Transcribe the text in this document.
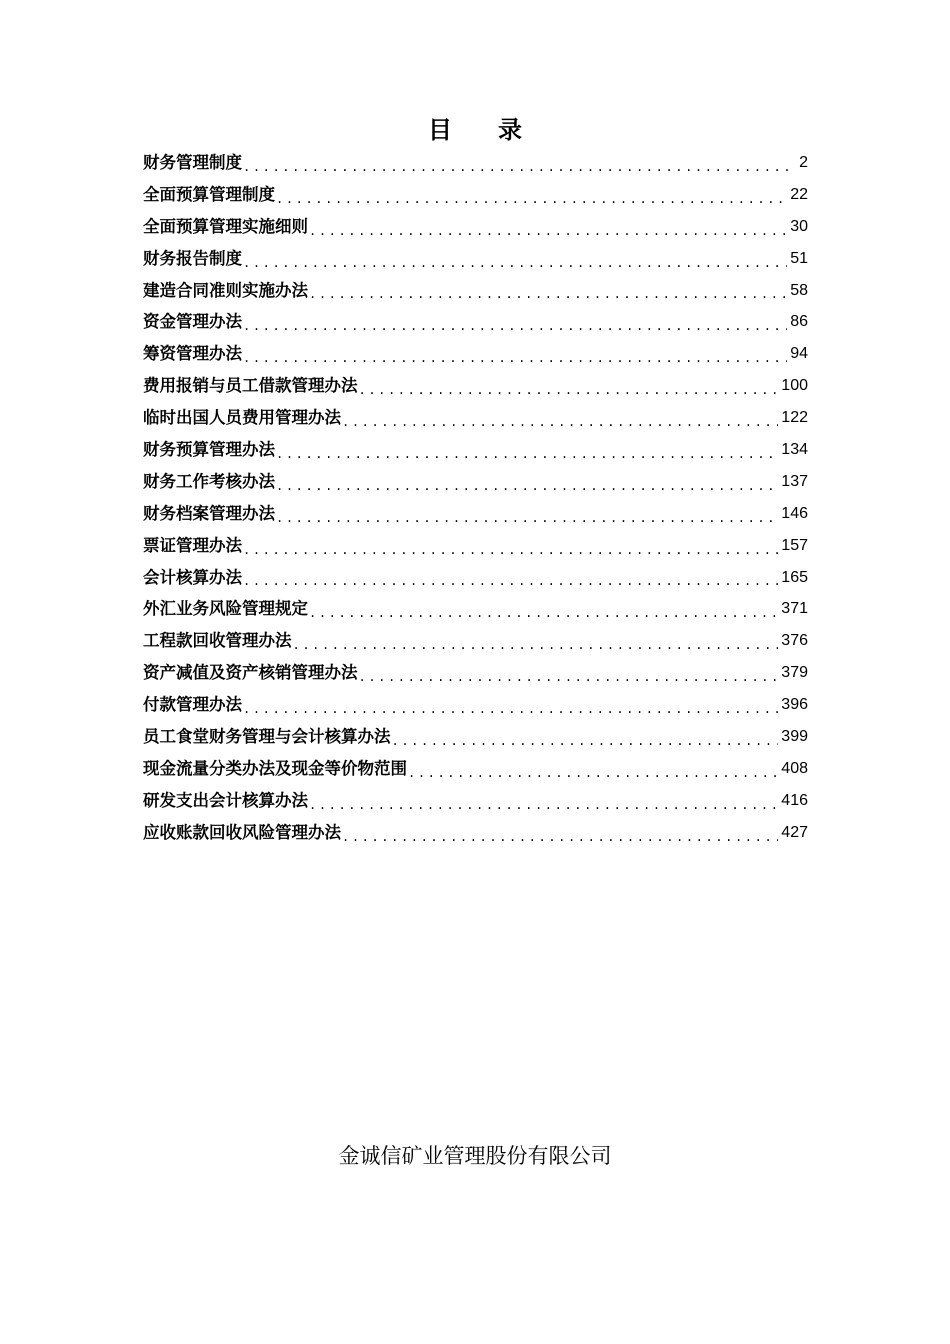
目 录
财务管理制度 .....	2
全面预算管理制度 .....	22
全面预算管理实施细则 .....	30
财务报告制度 .....	51
建造合同准则实施办法 .....	58
资金管理办法 .....	86
筹资管理办法 .....	94
费用报销与员工借款管理办法 .....	100
临时出国人员费用管理办法 .....	122
财务预算管理办法 .....	134
财务工作考核办法 .....	137
财务档案管理办法 .....	146
票证管理办法 .....	157
会计核算办法 .....	165
外汇业务风险管理规定 .....	371
工程款回收管理办法 .....	376
资产减值及资产核销管理办法 .....	379
付款管理办法 .....	396
员工食堂财务管理与会计核算办法 .....	399
现金流量分类办法及现金等价物范围 .....	408
研发支出会计核算办法 .....	416
应收账款回收风险管理办法 .....	427
金诚信矿业管理股份有限公司
